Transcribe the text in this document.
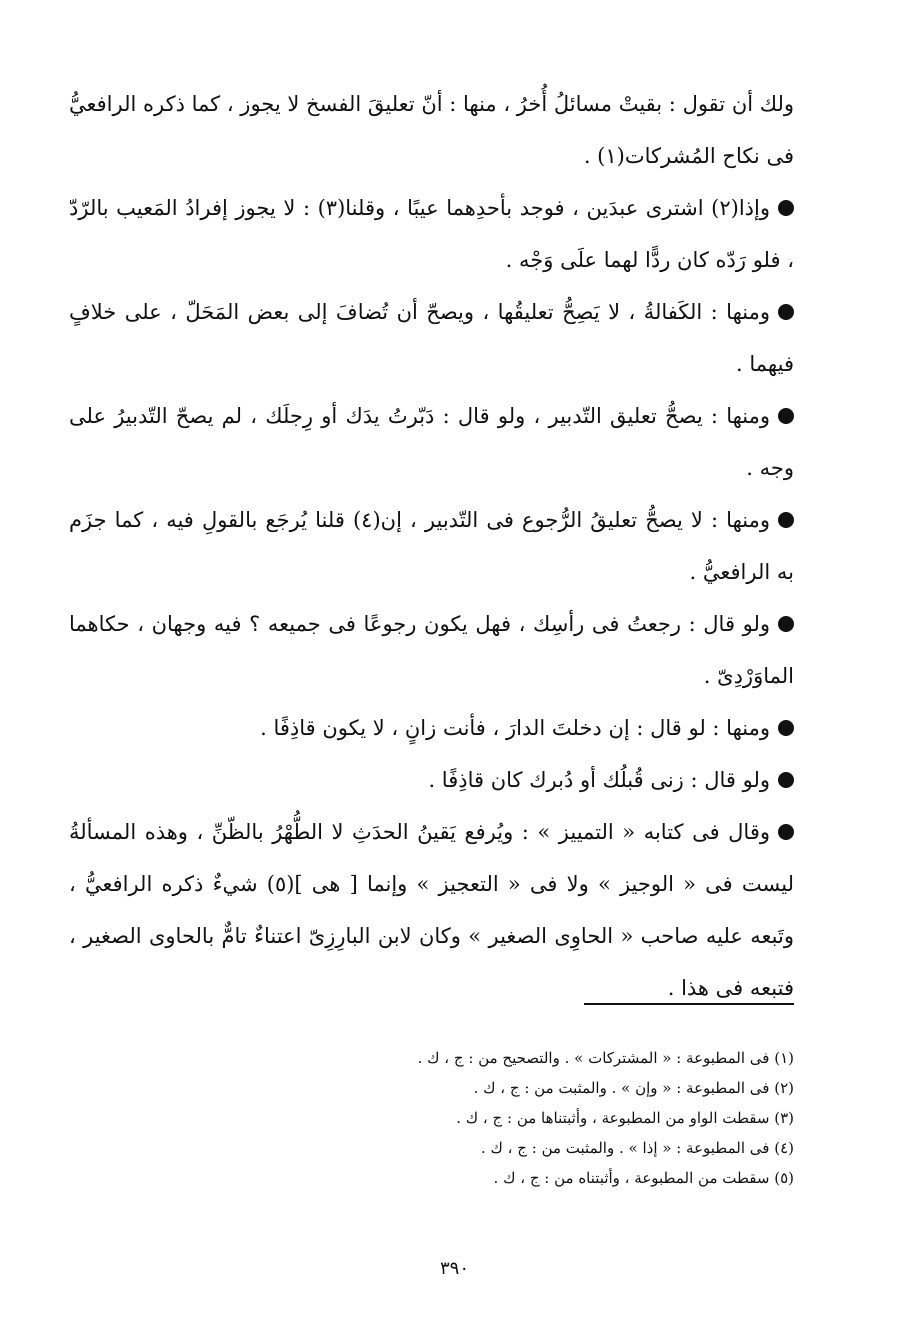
ولك أن تقول : بقيتْ مسائلُ أُخرُ ، منها : أنّ تعليقَ الفسخ لا يجوز ، كما ذكره الرافعيُّ فى نكاح المُشركات(١) .

وإذا(٢) اشترى عبدَين ، فوجد بأحدِهما عيبًا ، وقلنا(٣) : لا يجوز إفرادُ المَعيب بالرّدّ ، فلو رَدّه كان ردًّا لهما علَى وَجْه .

ومنها : الكَفالةُ ، لا يَصِحُّ تعليقُها ، ويصحّ أن تُضافَ إلى بعض المَحَلّ ، على خلافٍ فيهما .

ومنها : يصحُّ تعليق التّدبير ، ولو قال : دَبّرتُ يدَك أو رِجلَك ، لم يصحّ التّدبيرُ على وجه .

ومنها : لا يصحُّ تعليقُ الرُّجوع فى التّدبير ، إن(٤) قلنا يُرجَع بالقولِ فيه ، كما جزَم به الرافعيُّ .

ولو قال : رجعتُ فى رأسِك ، فهل يكون رجوعًا فى جميعه ؟ فيه وجهان ، حكاهما الماوَرْدِىّ .

ومنها : لو قال : إن دخلتَ الدارَ ، فأنت زانٍ ، لا يكون قاذِفًا .

ولو قال : زنى قُبلُك أو دُبرك كان قاذِفًا .

وقال فى كتابه « التمييز » : ويُرفع يَقينُ الحدَثِ لا الطُّهْرُ بالظّنِّ ، وهذه المسألةُ ليست فى « الوجيز » ولا فى « التعجيز » وإنما [ هى ](٥) شيءٌ ذكره الرافعيُّ ، وتَبعه عليه صاحب « الحاوِى الصغير » وكان لابن البارِزِىّ اعتناءٌ تامٌّ بالحاوى الصغير ، فتبعه فى هذا .

(١) فى المطبوعة : « المشتركات » . والتصحيح من : ج ، ك .

(٢) فى المطبوعة : « وإن » . والمثبت من : ج ، ك .

(٣) سقطت الواو من المطبوعة ، وأثبتناها من : ج ، ك .

(٤) فى المطبوعة : « إذا » . والمثبت من : ج ، ك .

(٥) سقطت من المطبوعة ، وأثبتناه من : ج ، ك .

٣٩٠
